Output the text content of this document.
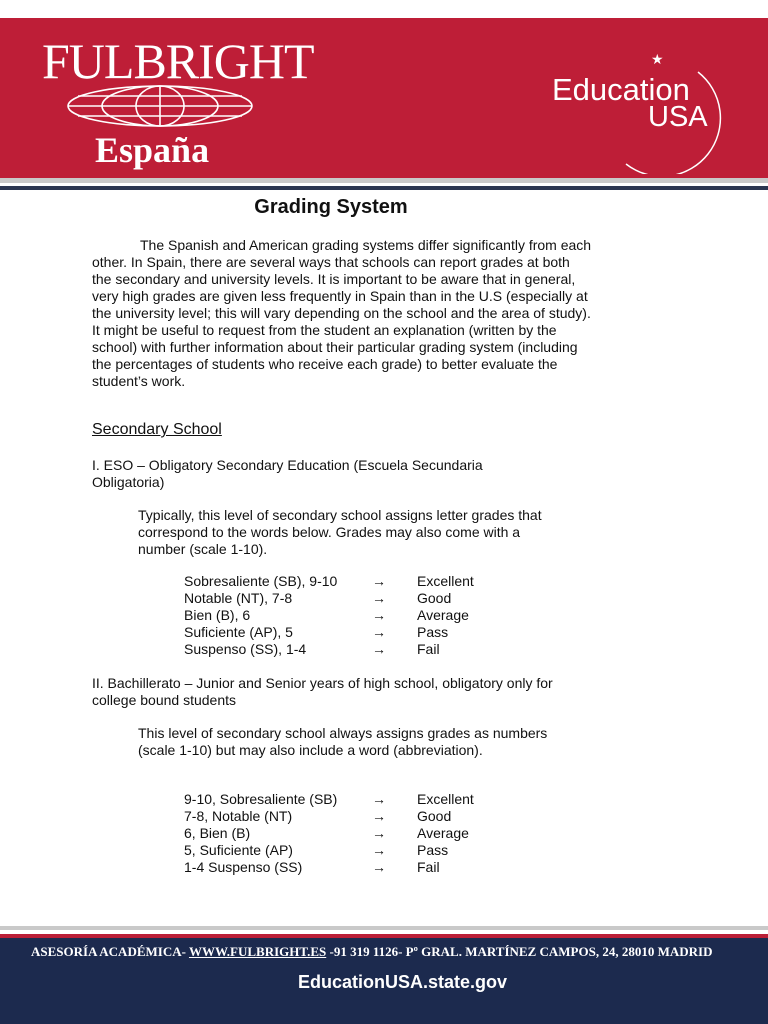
FULBRIGHT
España
★
Education
USA
Grading System

The Spanish and American grading systems differ significantly from each other. In Spain, there are several ways that schools can report grades at both the secondary and university levels. It is important to be aware that in general, very high grades are given less frequently in Spain than in the U.S (especially at the university level; this will vary depending on the school and the area of study). It might be useful to request from the student an explanation (written by the school) with further information about their particular grading system (including the percentages of students who receive each grade) to better evaluate the student’s work.

Secondary School

I. ESO – Obligatory Secondary Education (Escuela Secundaria Obligatoria)

Typically, this level of secondary school assigns letter grades that correspond to the words below. Grades may also come with a number (scale 1-10).

Sobresaliente (SB), 9-10 → Excellent
Notable (NT), 7-8	→ Good
Bien (B), 6	→ Average
Suficiente (AP), 5	→ Pass
Suspenso (SS), 1-4	→ Fail

II. Bachillerato – Junior and Senior years of high school, obligatory only for college bound students

This level of secondary school always assigns grades as numbers (scale 1-10) but may also include a word (abbreviation).

9-10, Sobresaliente (SB) → Excellent
7-8, Notable (NT)	→ Good
6, Bien (B)	→ Average
5, Suficiente (AP)	→ Pass
1-4 Suspenso (SS)	→ Fail
ASESORÍA ACADÉMICA- WWW.FULBRIGHT.ES -91 319 1126- Pº GRAL. MARTÍNEZ CAMPOS, 24, 28010 MADRID
EducationUSA.state.gov
